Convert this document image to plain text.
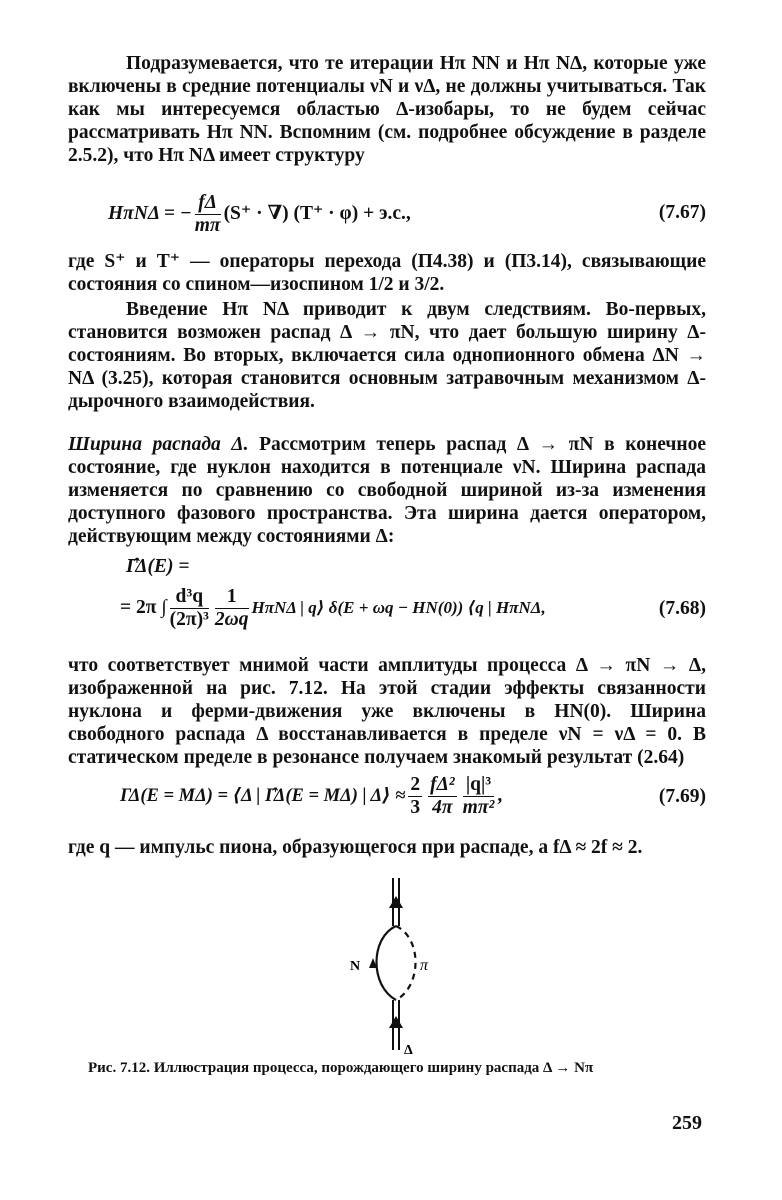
Подразумевается, что те итерации Hπ NN и Hπ NΔ, которые уже включены в средние потенциалы νN и νΔ, не должны учитываться. Так как мы интересуемся областью Δ-изобары, то не будем сейчас рассматривать Hπ NN. Вспомним (см. подробнее обсуждение в разделе 2.5.2), что Hπ NΔ имеет структуру

HπNΔ = − $\frac{f\Delta}{m\pi} (S^+$ · ∇) (T⁺ · φ) + э.с.,	(7.67)

где S⁺ и T⁺ — операторы перехода (П4.38) и (П3.14), связывающие состояния со спином—изоспином 1/2 и 3/2.

Введение Hπ NΔ приводит к двум следствиям. Во-первых, становится возможен распад Δ → πN, что дает большую ширину Δ-состояниям. Во вторых, включается сила однопионного обмена ΔN → NΔ (3.25), которая становится основным затравочным механизмом Δ-дырочного взаимодействия.

Ширина распада Δ. Рассмотрим теперь распад Δ → πN в конечное состояние, где нуклон находится в потенциале νN. Ширина распада изменяется по сравнению со свободной шириной из-за изменения доступного фазового пространства. Эта ширина дается оператором, действующим между состояниями Δ:

Γ̂Δ(E) =
= 2π ∫ $\frac{\text{d³q}}{\text{(2π)³}} \frac{1}{2\omega q}$ HπNΔ | q⟩ δ(E + ωq − HN(0)) ⟨q | HπNΔ,	(7.68)

что соответствует мнимой части амплитуды процесса Δ → πN → Δ, изображенной на рис. 7.12. На этой стадии эффекты связанности нуклона и ферми-движения уже включены в HN(0). Ширина свободного распада Δ восстанавливается в пределе νN = νΔ = 0. В статическом пределе в резонансе получаем знакомый результат (2.64)

ΓΔ(E = MΔ) = ⟨Δ | Γ̂Δ(E = MΔ) | Δ⟩ ≈ $\frac{2}{3} \frac{\text{fΔ²}}{4\pi} \frac{\text{|q|³}}{\text{mπ²}}$ ,	(7.69)

где q — импульс пиона, образующегося при распаде, а fΔ ≈ 2f ≈ 2.

N	π
Δ
Рис. 7.12. Иллюстрация процесса, порождающего ширину распада Δ → Nπ
259
